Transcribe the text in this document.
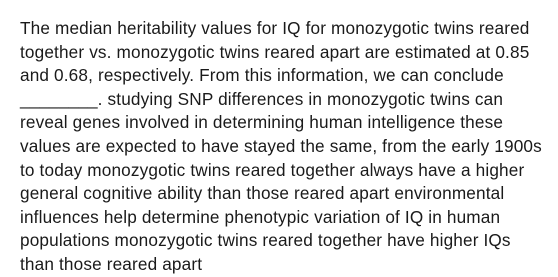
The median heritability values for IQ for monozygotic twins reared together vs. monozygotic twins reared apart are estimated at 0.85 and 0.68, respectively. From this information, we can conclude ________. studying SNP differences in monozygotic twins can reveal genes involved in determining human intelligence these values are expected to have stayed the same, from the early 1900s to today monozygotic twins reared together always have a higher general cognitive ability than those reared apart environmental influences help determine phenotypic variation of IQ in human populations monozygotic twins reared together have higher IQs than those reared apart
